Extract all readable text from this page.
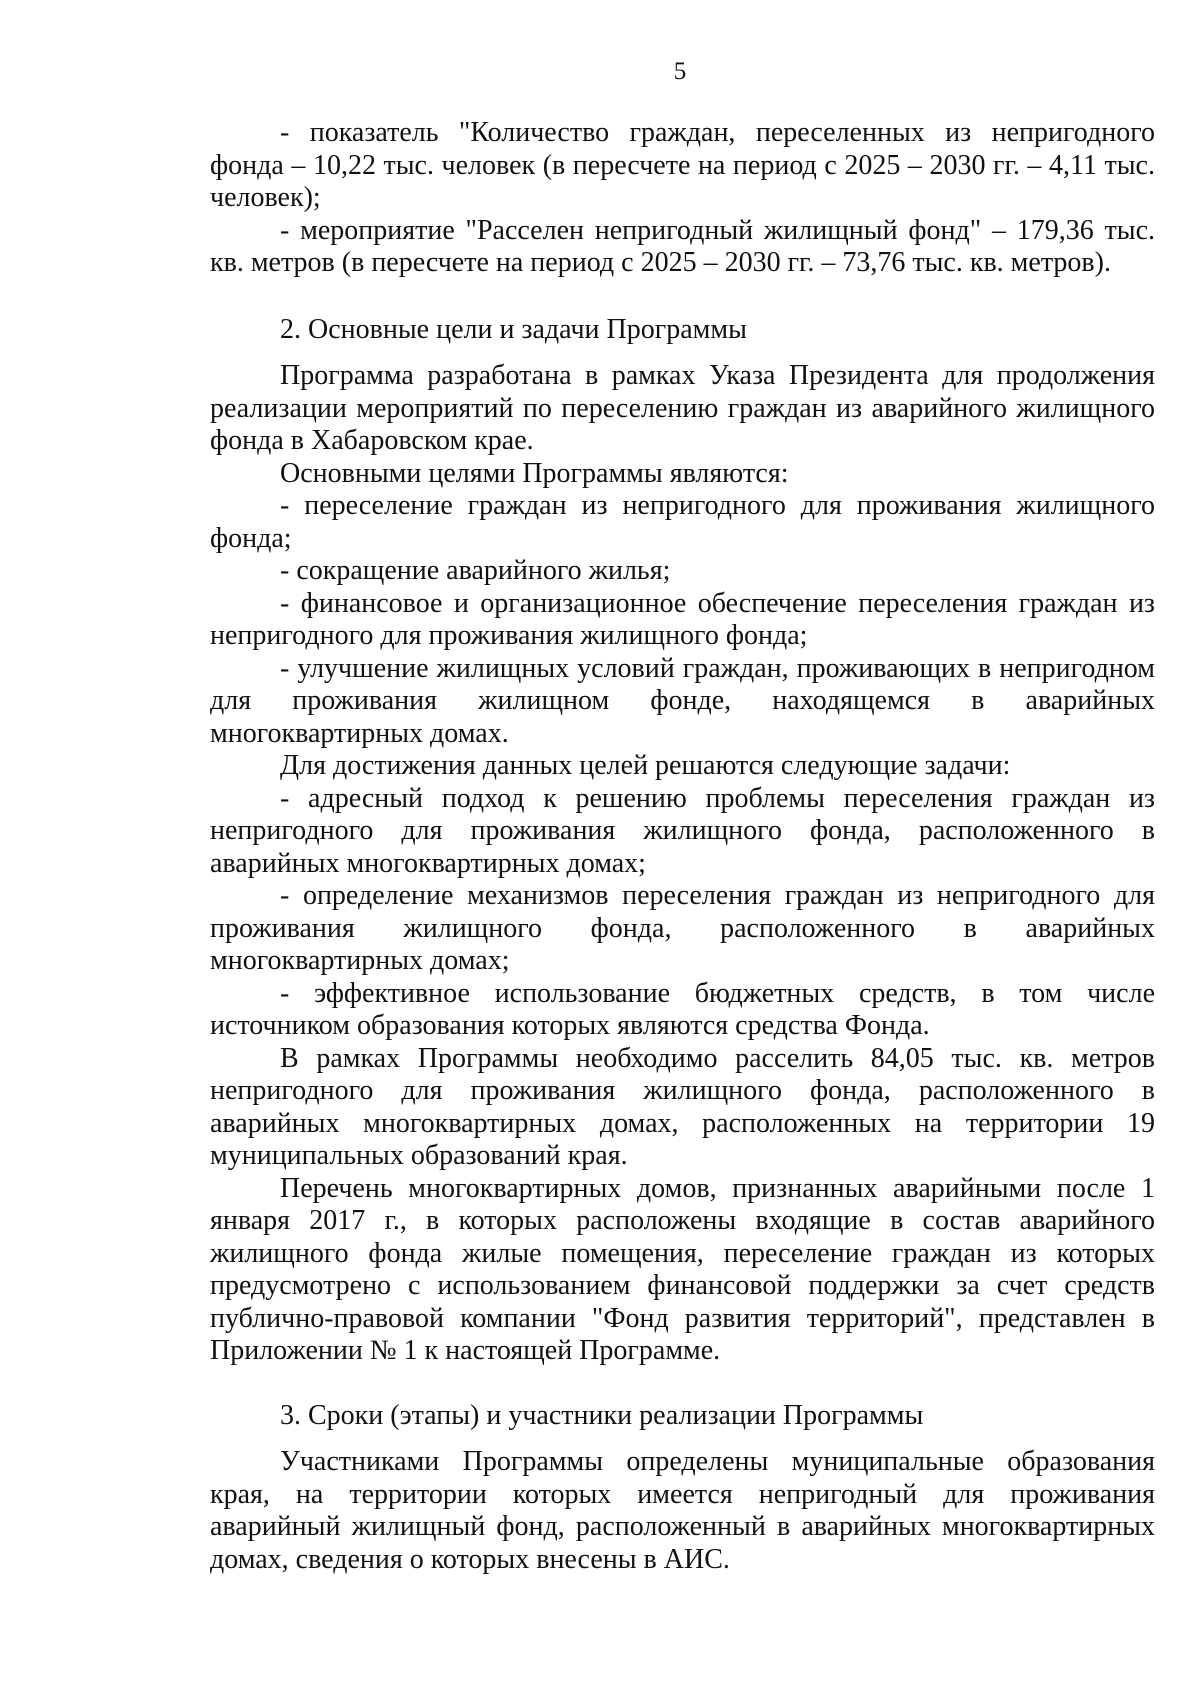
5

- показатель "Количество граждан, переселенных из непригодного фонда – 10,22 тыс. человек (в пересчете на период с 2025 – 2030 гг. – 4,11 тыс. человек);

- мероприятие "Расселен непригодный жилищный фонд" – 179,36 тыс. кв. метров (в пересчете на период с 2025 – 2030 гг. – 73,76 тыс. кв. метров).

2. Основные цели и задачи Программы

Программа разработана в рамках Указа Президента для продолжения реализации мероприятий по переселению граждан из аварийного жилищного фонда в Хабаровском крае.

Основными целями Программы являются:

- переселение граждан из непригодного для проживания жилищного фонда;

- сокращение аварийного жилья;

- финансовое и организационное обеспечение переселения граждан из непригодного для проживания жилищного фонда;

- улучшение жилищных условий граждан, проживающих в непригодном для проживания жилищном фонде, находящемся в аварийных многоквартирных домах.

Для достижения данных целей решаются следующие задачи:

- адресный подход к решению проблемы переселения граждан из непригодного для проживания жилищного фонда, расположенного в аварийных многоквартирных домах;

- определение механизмов переселения граждан из непригодного для проживания жилищного фонда, расположенного в аварийных многоквартирных домах;

- эффективное использование бюджетных средств, в том числе источником образования которых являются средства Фонда.

В рамках Программы необходимо расселить 84,05 тыс. кв. метров непригодного для проживания жилищного фонда, расположенного в аварийных многоквартирных домах, расположенных на территории 19 муниципальных образований края.

Перечень многоквартирных домов, признанных аварийными после 1 января 2017 г., в которых расположены входящие в состав аварийного жилищного фонда жилые помещения, переселение граждан из которых предусмотрено с использованием финансовой поддержки за счет средств публично-правовой компании "Фонд развития территорий", представлен в Приложении № 1 к настоящей Программе.

3. Сроки (этапы) и участники реализации Программы

Участниками Программы определены муниципальные образования края, на территории которых имеется непригодный для проживания аварийный жилищный фонд, расположенный в аварийных многоквартирных домах, сведения о которых внесены в АИС.
